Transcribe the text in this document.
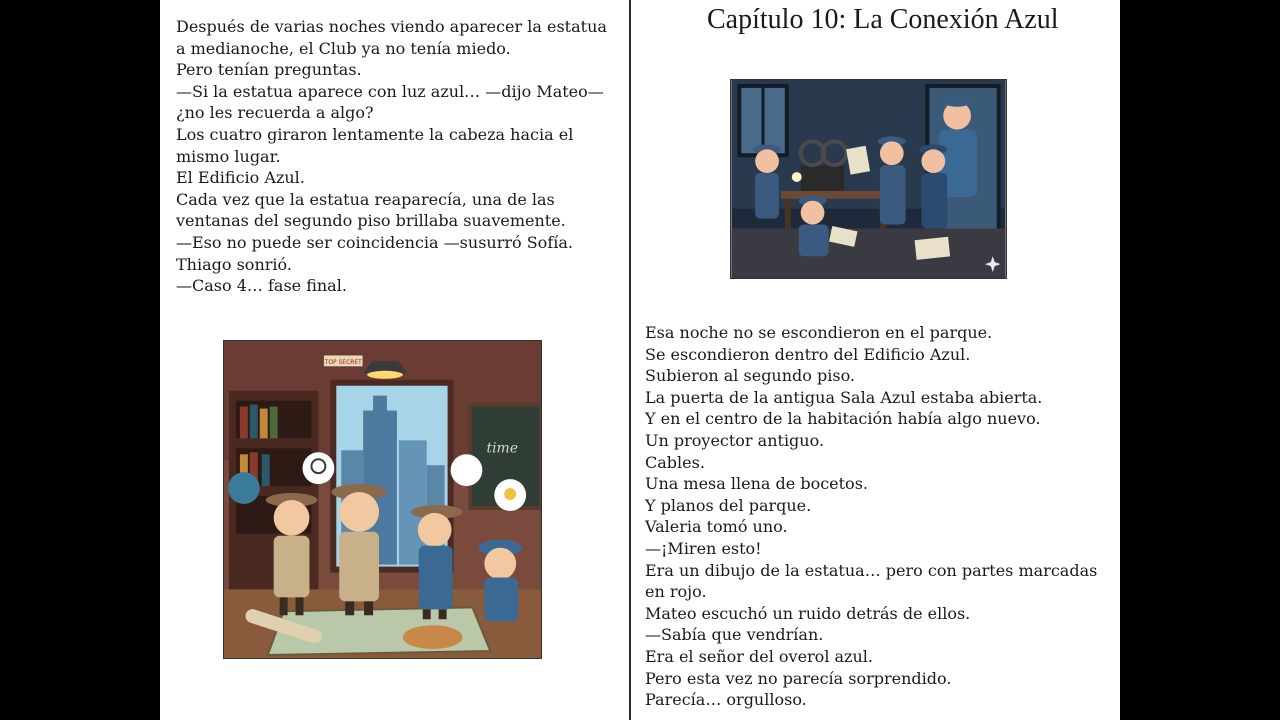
Después de varias noches viendo aparecer la estatua a medianoche, el Club ya no tenía miedo.

Pero tenían preguntas.

—Si la estatua aparece con luz azul… —dijo Mateo— ¿no les recuerda a algo?

Los cuatro giraron lentamente la cabeza hacia el mismo lugar.

El Edificio Azul.

Cada vez que la estatua reaparecía, una de las ventanas del segundo piso brillaba suavemente.

—Eso no puede ser coincidencia —susurró Sofía.

Thiago sonrió.

—Caso 4… fase final.

TOP SECRET
time
Capítulo 10: La Conexión Azul

Esa noche no se escondieron en el parque.

Se escondieron dentro del Edificio Azul.

Subieron al segundo piso.

La puerta de la antigua Sala Azul estaba abierta.

Y en el centro de la habitación había algo nuevo.

Un proyector antiguo.

Cables.

Una mesa llena de bocetos.

Y planos del parque.

Valeria tomó uno.

—¡Miren esto!

Era un dibujo de la estatua… pero con partes marcadas

en rojo.

Mateo escuchó un ruido detrás de ellos.

—Sabía que vendrían.

Era el señor del overol azul.

Pero esta vez no parecía sorprendido.

Parecía… orgulloso.
